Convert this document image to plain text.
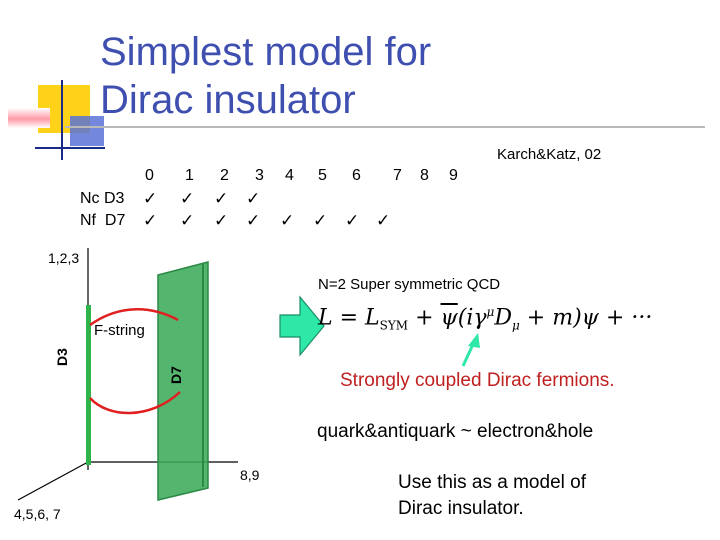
Simplest model for
Dirac insulator
Karch&Katz, 02
0 1 2 3 4 5 6 7 8 9
Nc D3 ✓ ✓ ✓ ✓
Nf  D7 ✓ ✓ ✓ ✓ ✓ ✓ ✓ ✓
1,2,3
4,5,6, 7
8,9
F-string
D3
D7
N=2 Super symmetric QCD
$L = L_{SYM} + \overline{\psi}(i\gamma^\mu D_\mu + m)\psi$ + ···
Strongly coupled Dirac fermions.
quark&antiquark ~ electron&hole
Use this as a model of
Dirac insulator.
